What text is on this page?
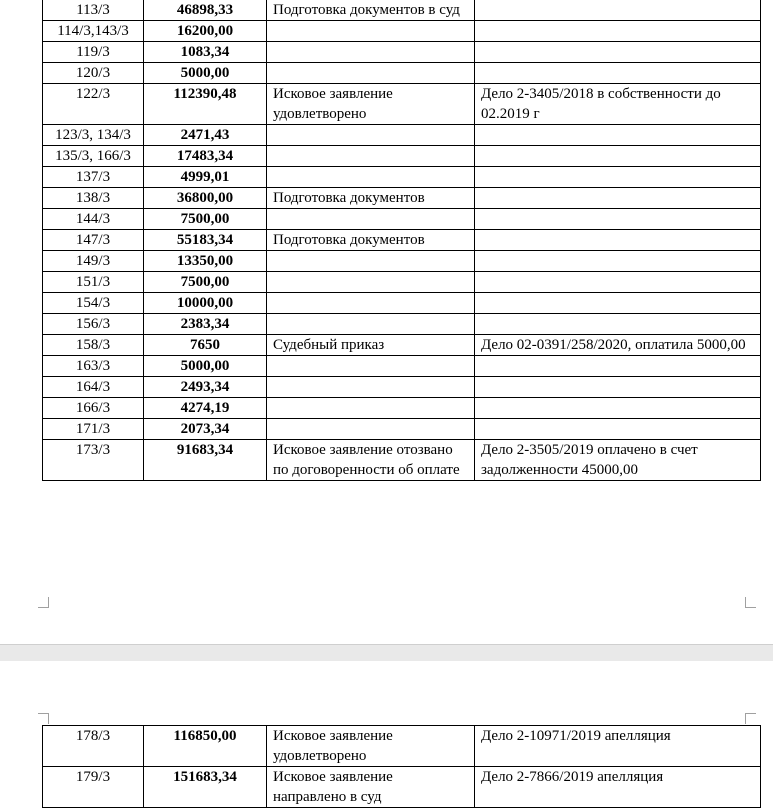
113/3	46898,33	Подготовка документов в суд	
114/3,143/3	16200,00		
119/3	1083,34		
120/3	5000,00		
122/3	112390,48	Исковое заявление удовлетворено	Дело 2-3405/2018 в собственности до 02.2019 г
123/3, 134/3	2471,43		
135/3, 166/3	17483,34		
137/3	4999,01		
138/3	36800,00	Подготовка документов	
144/3	7500,00		
147/3	55183,34	Подготовка документов	
149/3	13350,00		
151/3	7500,00		
154/3	10000,00		
156/3	2383,34		
158/3	7650	Судебный приказ	Дело 02-0391/258/2020, оплатила 5000,00
163/3	5000,00		
164/3	2493,34		
166/3	4274,19		
171/3	2073,34		
173/3	91683,34	Исковое заявление отозвано по договоренности об оплате	Дело 2-3505/2019 оплачено в счет задолженности 45000,00
178/3	116850,00	Исковое заявление удовлетворено	Дело 2-10971/2019 апелляция
179/3	151683,34	Исковое заявление направлено в суд	Дело 2-7866/2019 апелляция
